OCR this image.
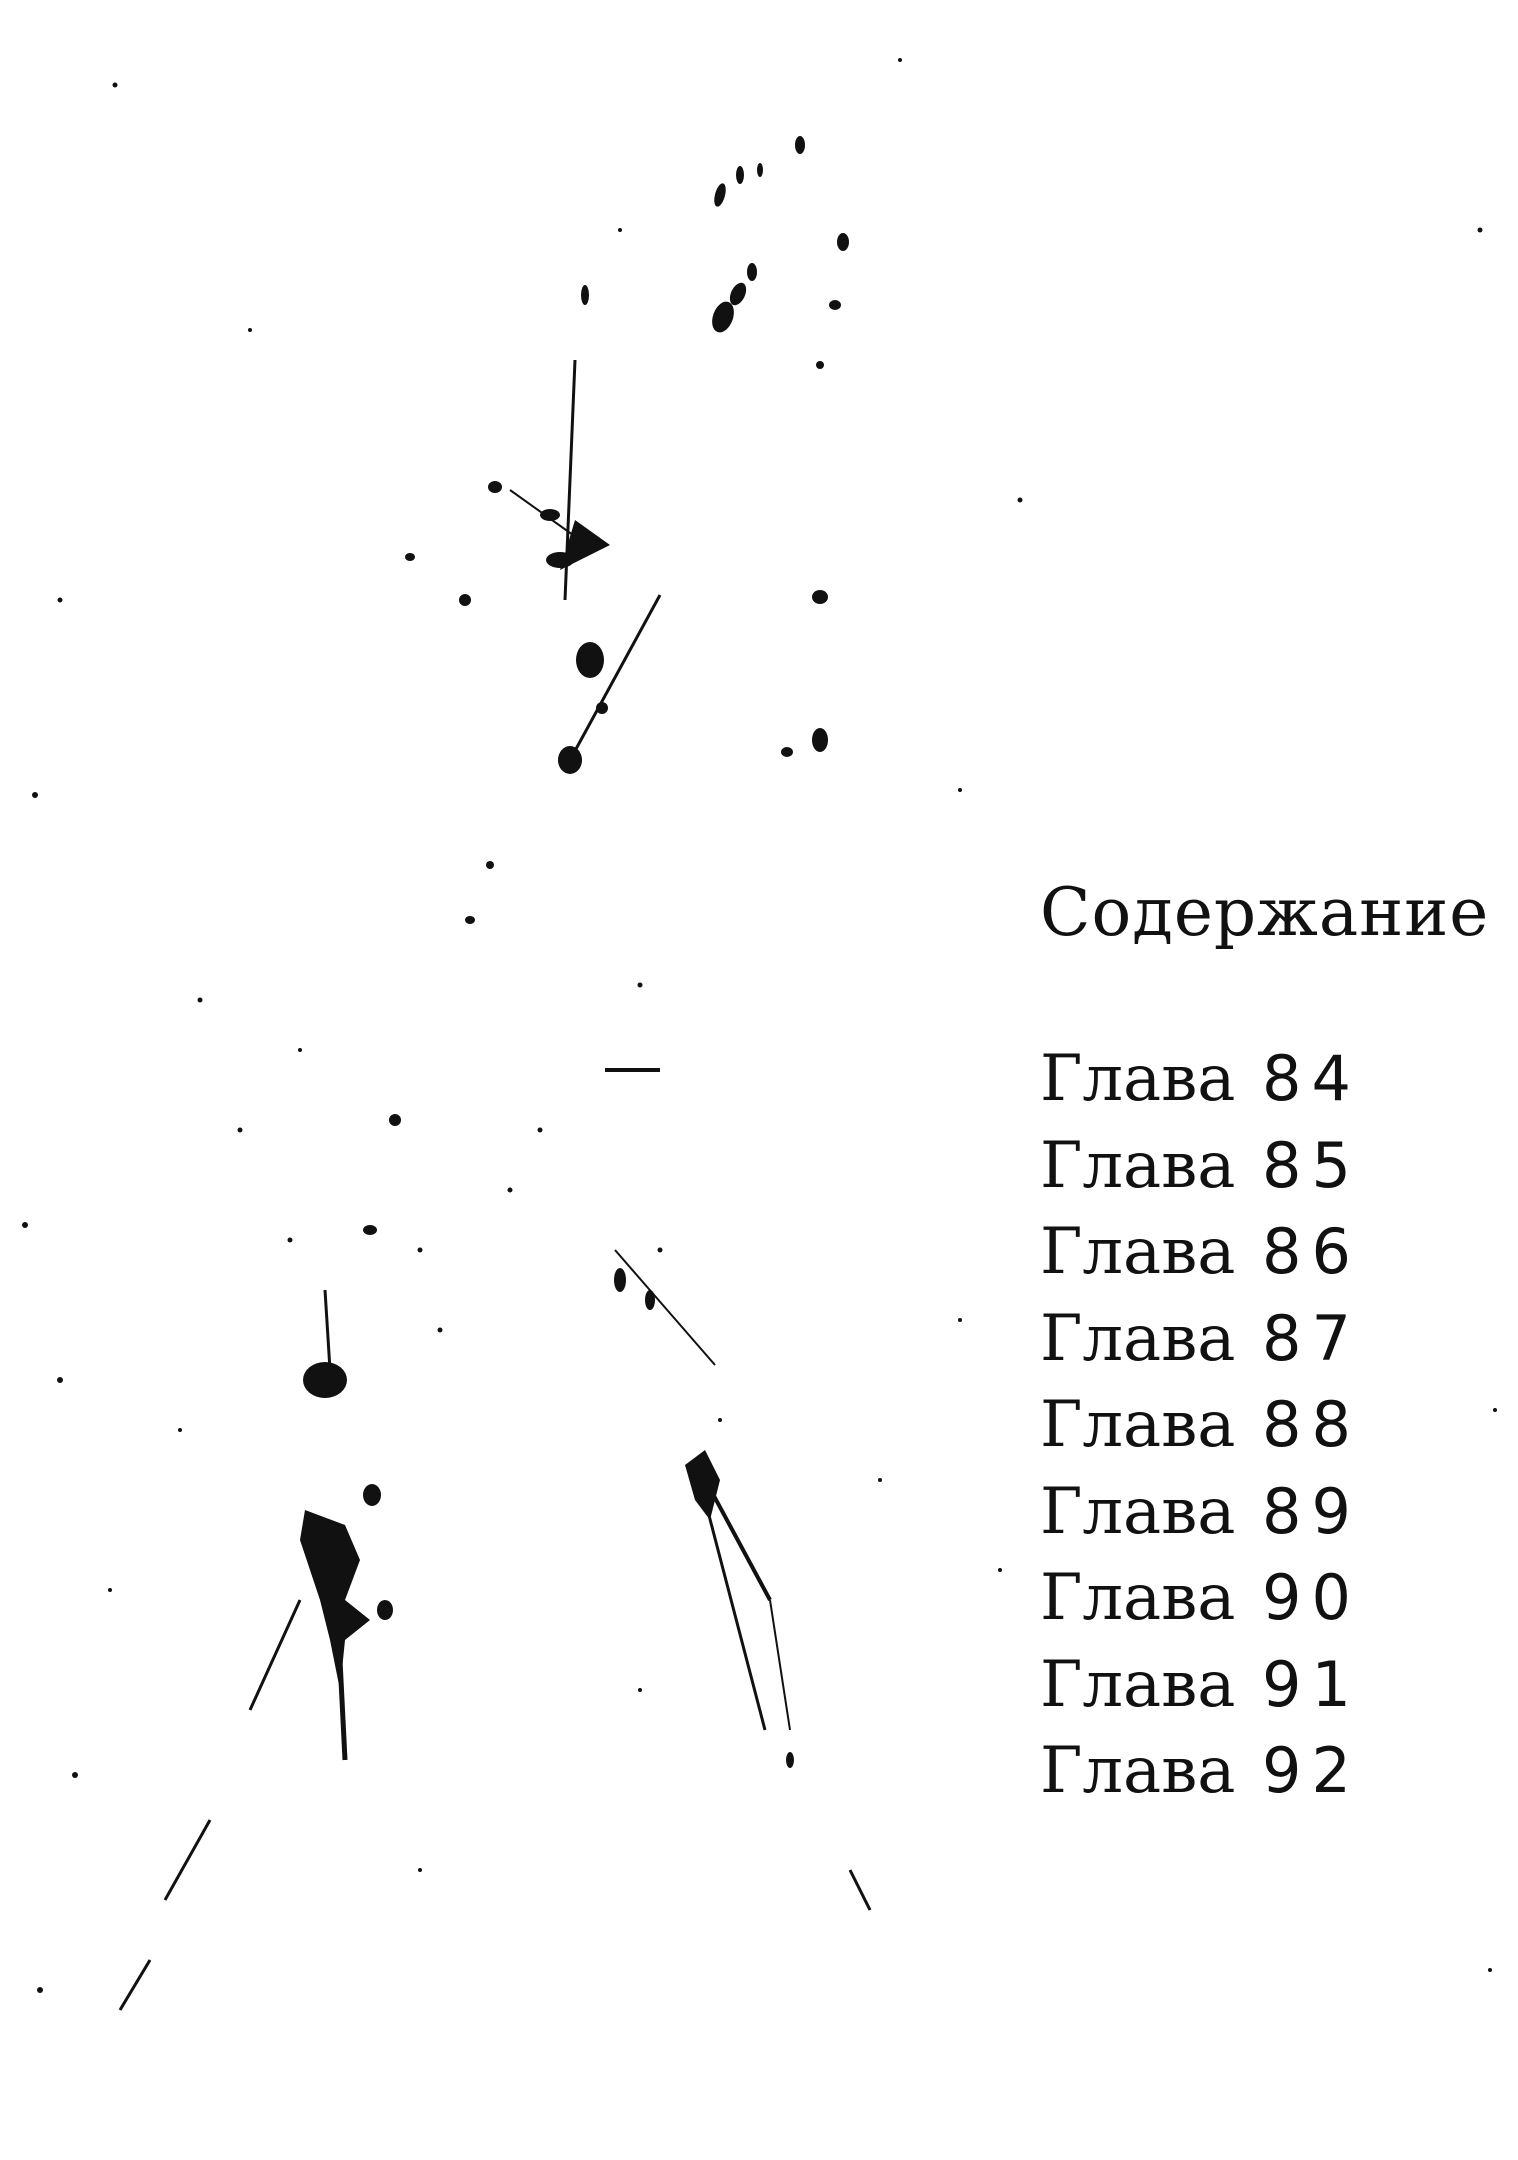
Содержание
Глава 84
Глава 85
Глава 86
Глава 87
Глава 88
Глава 89
Глава 90
Глава 91
Глава 92
